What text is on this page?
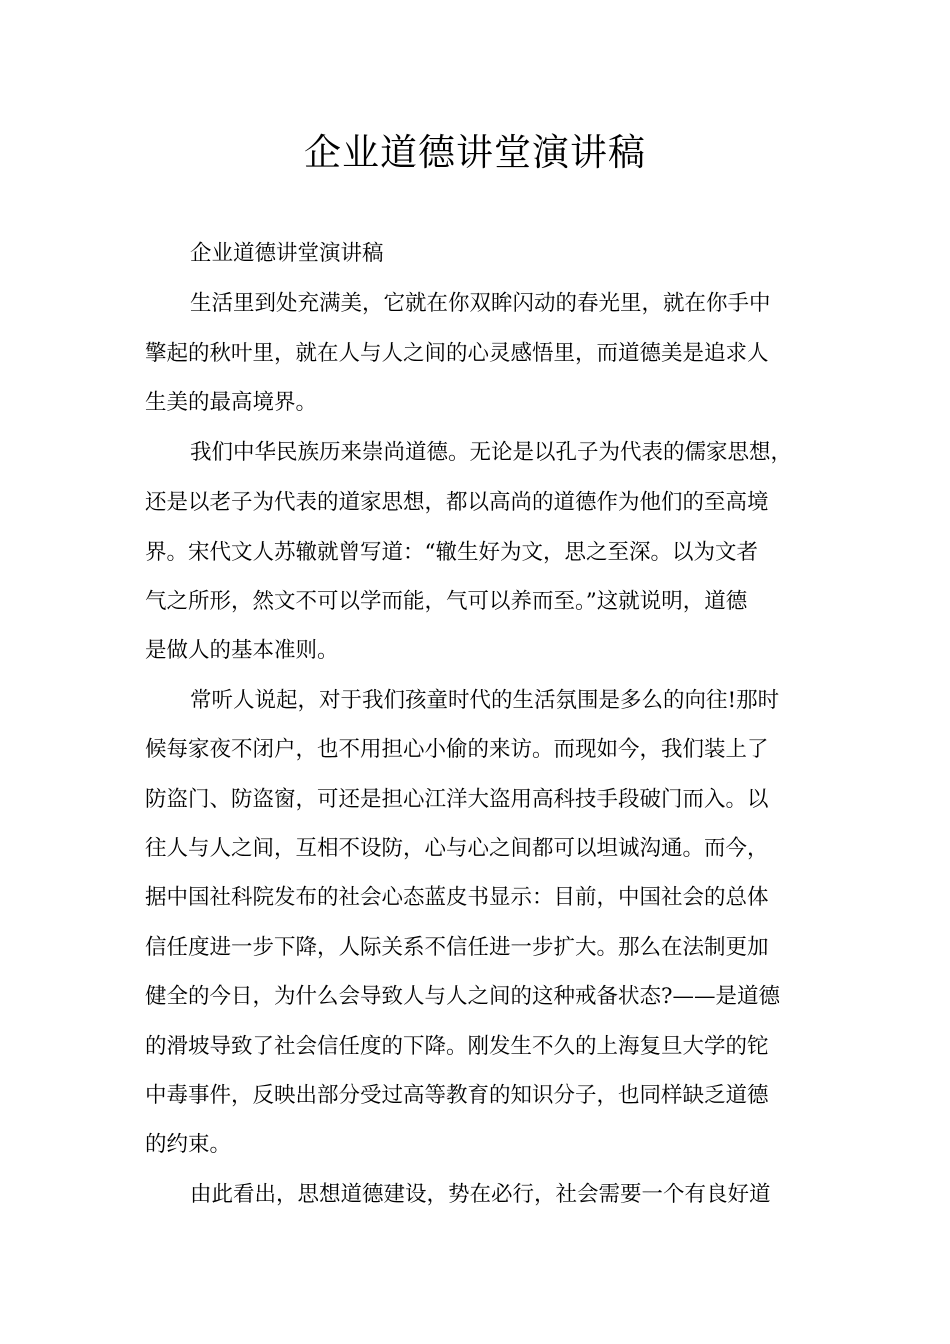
企业道德讲堂演讲稿
企业道德讲堂演讲稿
生活里到处充满美，它就在你双眸闪动的春光里，就在你手中
擎起的秋叶里，就在人与人之间的心灵感悟里，而道德美是追求人
生美的最高境界。
我们中华民族历来崇尚道德。无论是以孔子为代表的儒家思想，
还是以老子为代表的道家思想，都以高尚的道德作为他们的至高境
界。宋代文人苏辙就曾写道：“辙生好为文，思之至深。以为文者
气之所形，然文不可以学而能，气可以养而至。”这就说明，道德
是做人的基本准则。
常听人说起，对于我们孩童时代的生活氛围是多么的向往!那时
候每家夜不闭户，也不用担心小偷的来访。而现如今，我们装上了
防盗门、防盗窗，可还是担心江洋大盗用高科技手段破门而入。以
往人与人之间，互相不设防，心与心之间都可以坦诚沟通。而今，
据中国社科院发布的社会心态蓝皮书显示：目前，中国社会的总体
信任度进一步下降，人际关系不信任进一步扩大。那么在法制更加
健全的今日，为什么会导致人与人之间的这种戒备状态?——是道德
的滑坡导致了社会信任度的下降。刚发生不久的上海复旦大学的铊
中毒事件，反映出部分受过高等教育的知识分子，也同样缺乏道德
的约束。
由此看出，思想道德建设，势在必行，社会需要一个有良好道
